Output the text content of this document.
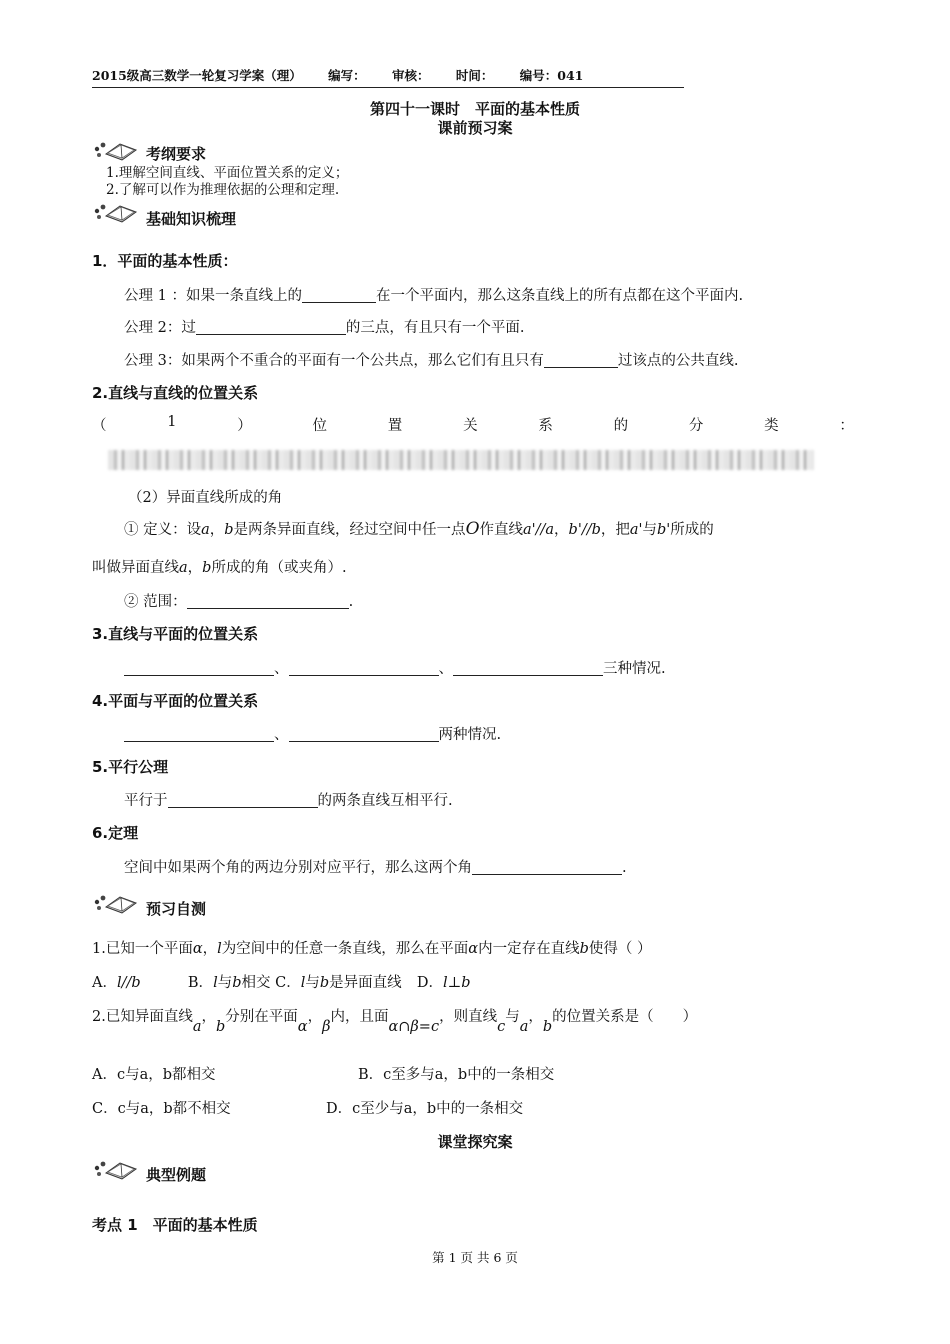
2015级高三数学一轮复习学案（理） 编写： 审核： 时间： 编号：041
第四十一课时　平面的基本性质
课前预习案
考纲要求
1.理解空间直线、平面位置关系的定义；
2.了解可以作为推理依据的公理和定理.
基础知识梳理
1．平面的基本性质：
公理 1 ：如果一条直线上的	在一个平面内，那么这条直线上的所有点都在这个平面内.
公理 2：过	的三点，有且只有一个平面.
公理 3：如果两个不重合的平面有一个公共点，那么它们有且只有	过该点的公共直线.
2.直线与直线的位置关系
（	1	）	位	置	关	系	的	分	类	：
（2）异面直线所成的角
① 定义：设a，b是两条异面直线，经过空间中任一点O作直线a'//a，b'//b，把a'与b'所成的
叫做异面直线a，b所成的角（或夹角）.
② 范围：	.
3.直线与平面的位置关系
、	、	三种情况.
4.平面与平面的位置关系
、	两种情况.
5.平行公理
平行于	的两条直线互相平行.
6.定理
空间中如果两个角的两边分别对应平行，那么这两个角	.
预习自测
1.已知一个平面α，l为空间中的任意一条直线，那么在平面α内一定存在直线b使得（ ）
A．l//b	B．l与b相交 C．l与b是异面直线 D．l⊥b
2.已知异面直线a，b分别在平面α，β内，且面α∩β=c，则直线c与a，b的位置关系是（　　）
A．c与a，b都相交	B．c至多与a，b中的一条相交
C．c与a，b都不相交	D．c至少与a，b中的一条相交
课堂探究案
典型例题
考点 1　平面的基本性质
第 1 页 共 6 页
